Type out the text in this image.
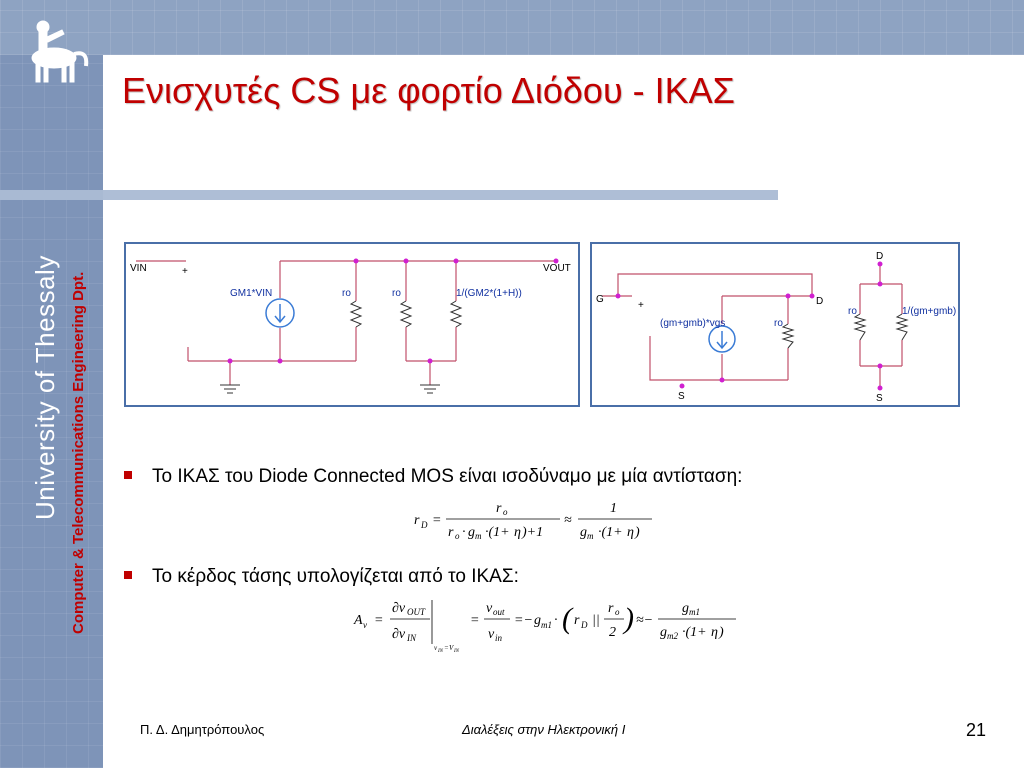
Ενισχυτές CS με φορτίο Διόδου - ΙΚΑΣ
University of Thessaly Computer & Telecommunications Engineering Dpt.
VIN	+
GM1*VIN	ro	ro	1/(GM2*(1+H))
VOUT
G
+	D
(gm+gmb)*vgs	ro
S
D
ro	1/(gm+gmb)
S
Το ΙΚΑΣ του Diode Connected MOS είναι ισοδύναμο με μία αντίσταση:
r D =
r o
r o · g m ·(1+ η )+1
≈
1
g m ·(1+ η )
Το κέρδος τάσης υπολογίζεται από το ΙΚΑΣ:
A v =
∂v OUT
∂v IN
v IN = V IN
=
v out
v in
=− g m1 · ( r D ||
r o
2 ) ≈−
g m1
g m2 ·(1+ η )
Π. Δ. Δημητρόπουλος	Διαλέξεις στην Ηλεκτρονική Ι	21
